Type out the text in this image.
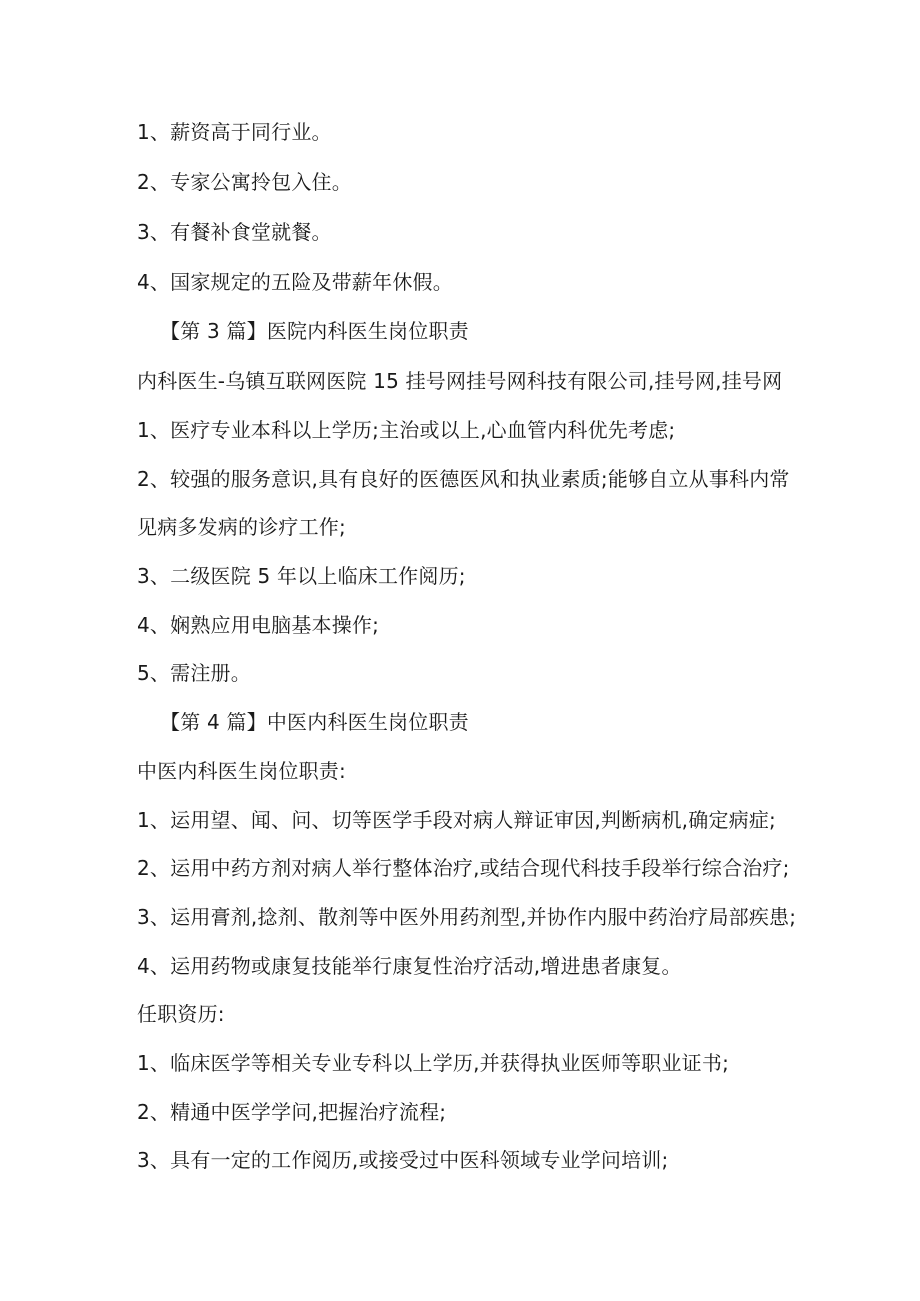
1、薪资高于同行业。

2、专家公寓拎包入住。

3、有餐补食堂就餐。

4、国家规定的五险及带薪年休假。

【第 3 篇】医院内科医生岗位职责

内科医生-乌镇互联网医院 15 挂号网挂号网科技有限公司,挂号网,挂号网

1、医疗专业本科以上学历;主治或以上,心血管内科优先考虑;

2、较强的服务意识,具有良好的医德医风和执业素质;能够自立从事科内常

见病多发病的诊疗工作;

3、二级医院 5 年以上临床工作阅历;

4、娴熟应用电脑基本操作;

5、需注册。

【第 4 篇】中医内科医生岗位职责

中医内科医生岗位职责:

1、运用望、闻、问、切等医学手段对病人辩证审因,判断病机,确定病症;

2、运用中药方剂对病人举行整体治疗,或结合现代科技手段举行综合治疗;

3、运用膏剂,捻剂、散剂等中医外用药剂型,并协作内服中药治疗局部疾患;

4、运用药物或康复技能举行康复性治疗活动,增进患者康复。

任职资历:

1、临床医学等相关专业专科以上学历,并获得执业医师等职业证书;

2、精通中医学学问,把握治疗流程;

3、具有一定的工作阅历,或接受过中医科领域专业学问培训;
